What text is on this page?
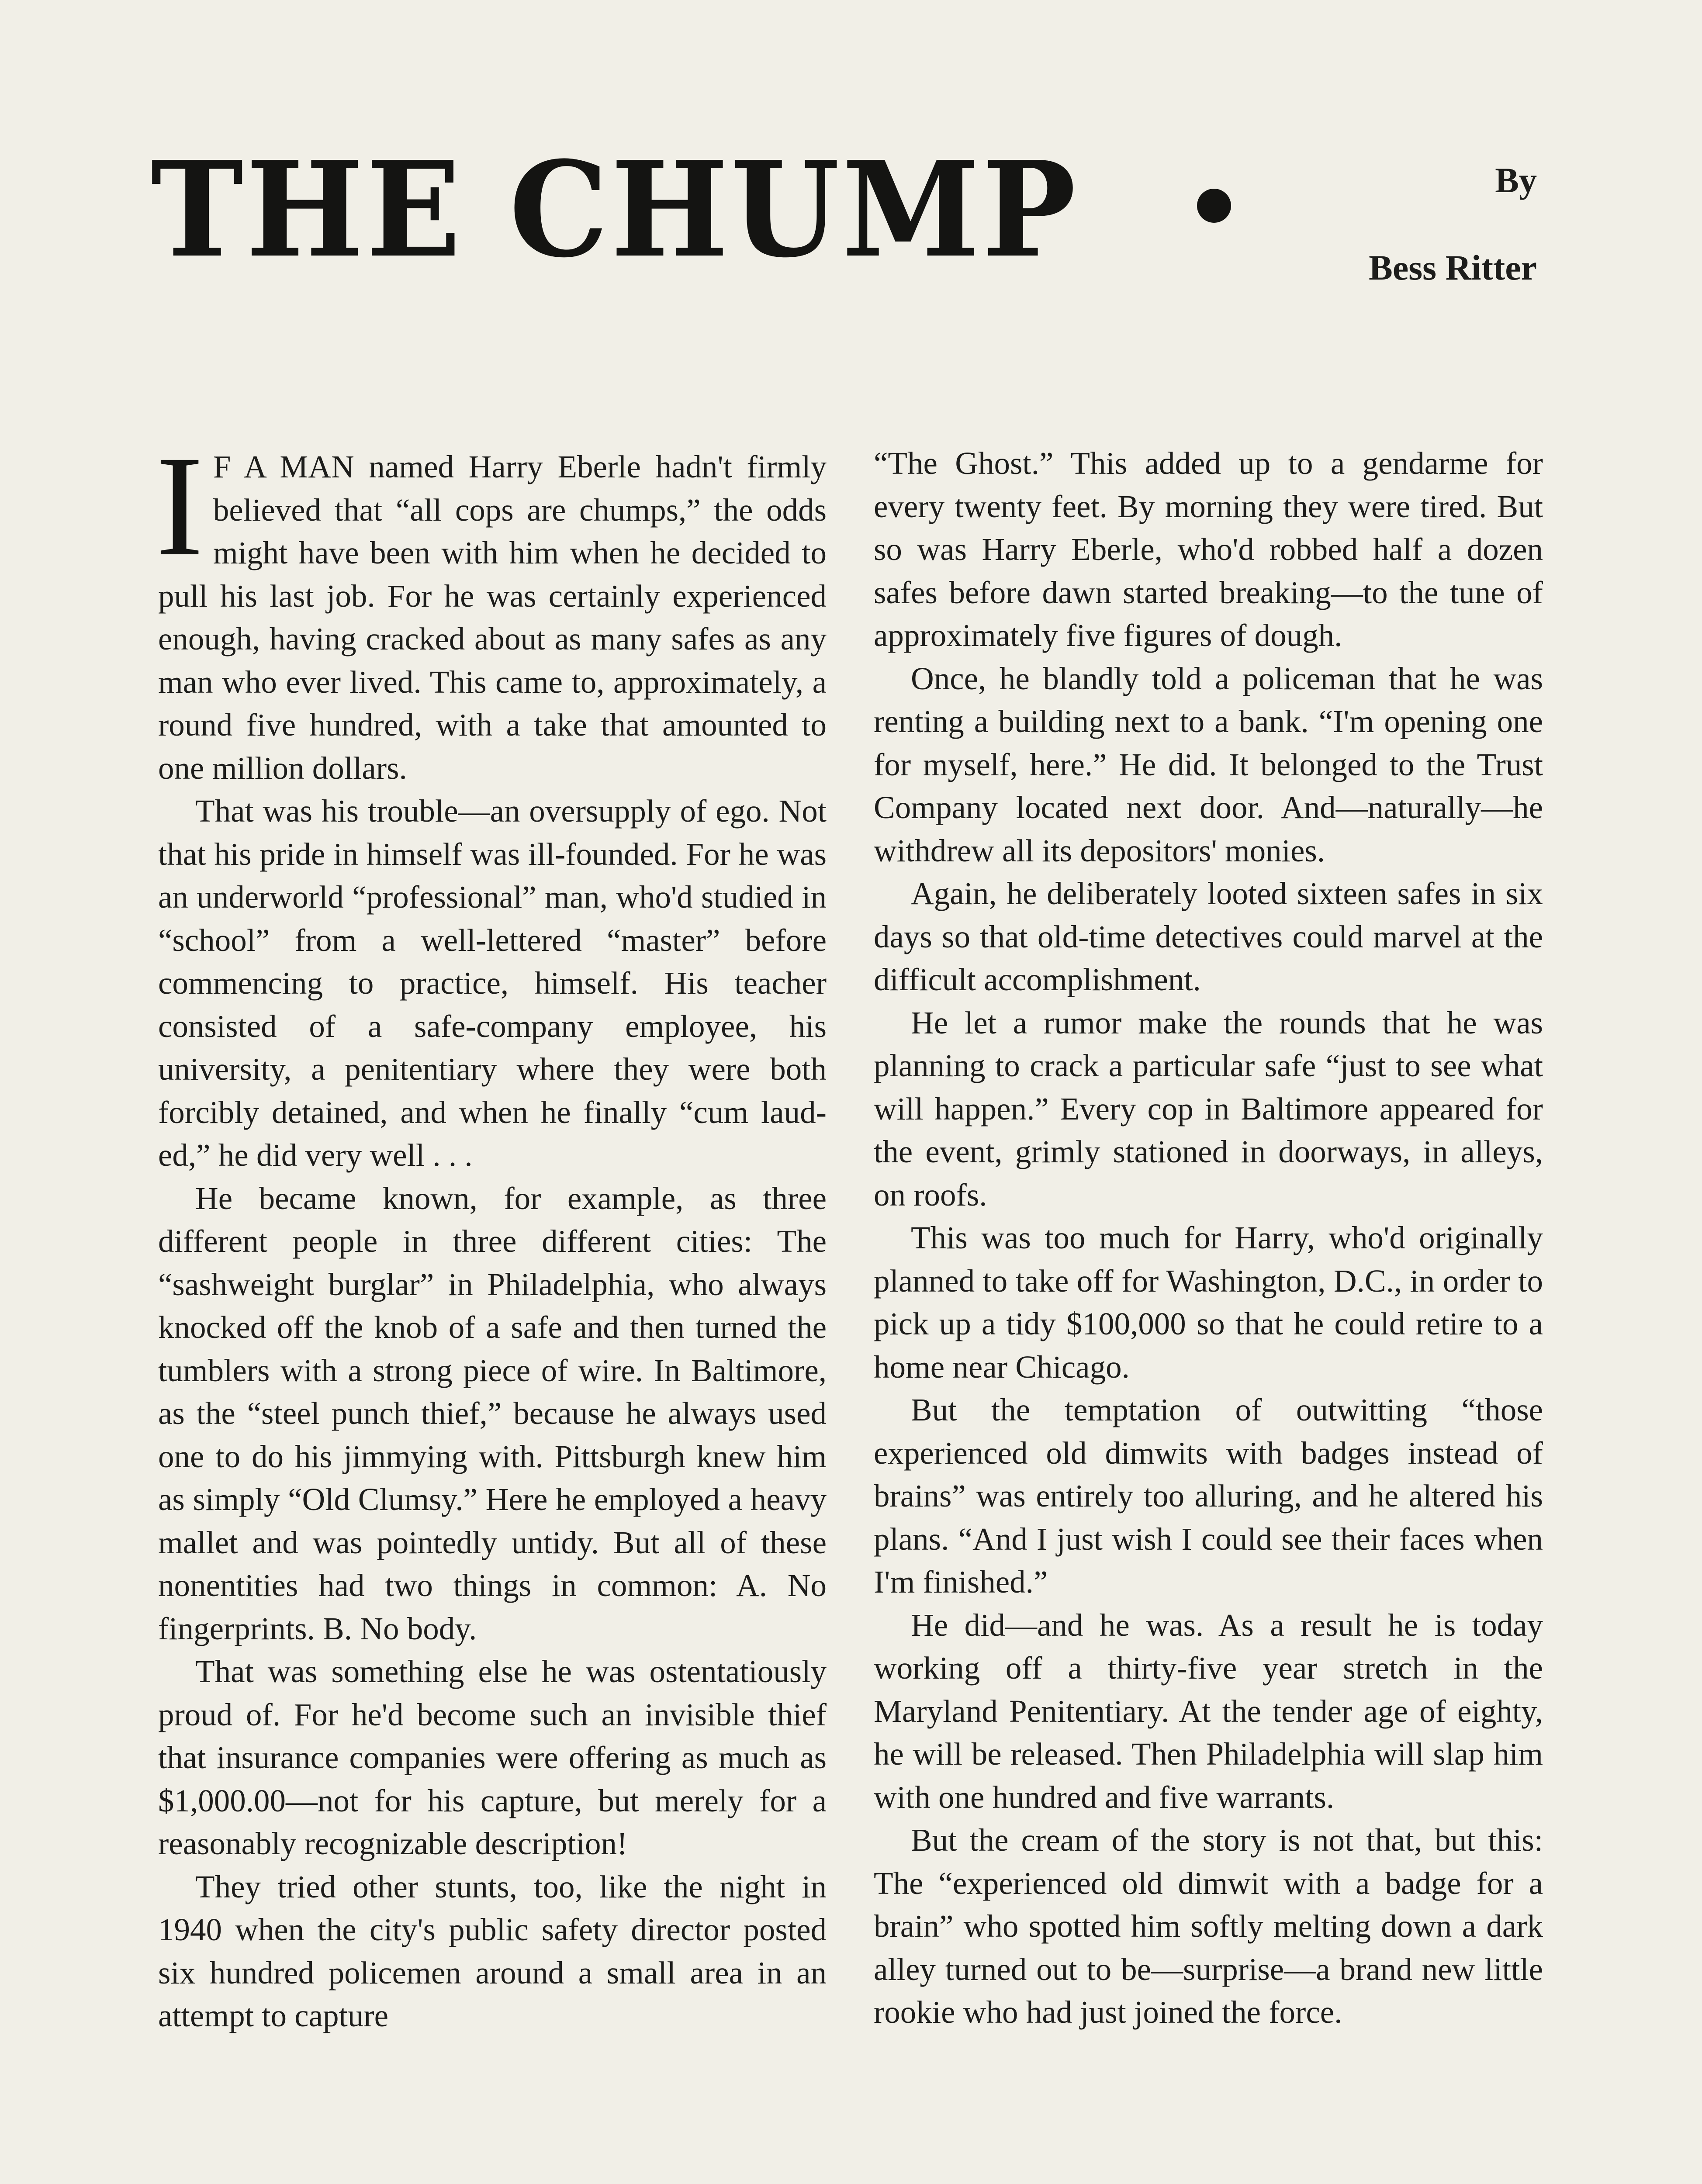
THE CHUMP	By
Bess Ritter

I F A MAN named Harry Eberle hadn't firmly believed that “all cops are chumps,” the odds might have been with him when he decided to pull his last job. For he was certainly experienced enough, having cracked about as many safes as any man who ever lived. This came to, approximately, a round five hundred, with a take that amounted to one million dollars.

That was his trouble—an oversupply of ego. Not that his pride in himself was ill-founded. For he was an underworld “professional” man, who'd studied in “school” from a well-lettered “master” before commencing to practice, himself. His teacher consisted of a safe-company employee, his university, a penitentiary where they were both forcibly detained, and when he finally “cum laud-ed,” he did very well . . .

He became known, for example, as three different people in three different cities: The “sashweight burglar” in Philadelphia, who always knocked off the knob of a safe and then turned the tumblers with a strong piece of wire. In Baltimore, as the “steel punch thief,” because he always used one to do his jimmying with. Pittsburgh knew him as simply “Old Clumsy.” Here he employed a heavy mallet and was pointedly untidy. But all of these nonentities had two things in common: A. No fingerprints. B. No body.

That was something else he was ostentatiously proud of. For he'd become such an invisible thief that insurance companies were offering as much as $1,000.00—not for his capture, but merely for a reasonably recognizable description!

They tried other stunts, too, like the night in 1940 when the city's public safety director posted six hundred policemen around a small area in an attempt to capture

“The Ghost.” This added up to a gendarme for every twenty feet. By morning they were tired. But so was Harry Eberle, who'd robbed half a dozen safes before dawn started breaking—to the tune of approximately five figures of dough.

Once, he blandly told a policeman that he was renting a building next to a bank. “I'm opening one for myself, here.” He did. It belonged to the Trust Company located next door. And—naturally—he withdrew all its depositors' monies.

Again, he deliberately looted sixteen safes in six days so that old-time detectives could marvel at the difficult accomplishment.

He let a rumor make the rounds that he was planning to crack a particular safe “just to see what will happen.” Every cop in Baltimore appeared for the event, grimly stationed in doorways, in alleys, on roofs.

This was too much for Harry, who'd originally planned to take off for Washington, D.C., in order to pick up a tidy $100,000 so that he could retire to a home near Chicago.

But the temptation of outwitting “those experienced old dimwits with badges instead of brains” was entirely too alluring, and he altered his plans. “And I just wish I could see their faces when I'm finished.”

He did—and he was. As a result he is today working off a thirty-five year stretch in the Maryland Penitentiary. At the tender age of eighty, he will be released. Then Philadelphia will slap him with one hundred and five warrants.

But the cream of the story is not that, but this: The “experienced old dimwit with a badge for a brain” who spotted him softly melting down a dark alley turned out to be—surprise—a brand new little rookie who had just joined the force.
